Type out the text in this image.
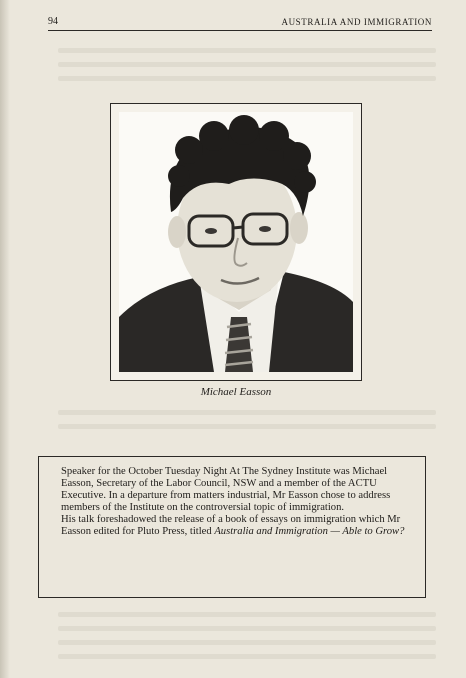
94	AUSTRALIA AND IMMIGRATION
Michael Easson

Speaker for the October Tuesday Night At The Sydney Institute was Michael Easson, Secretary of the Labor Council, NSW and a member of the ACTU Executive. In a departure from matters industrial, Mr Easson chose to address members of the Institute on the controversial topic of immigration.

His talk foreshadowed the release of a book of essays on immigration which Mr Easson edited for Pluto Press, titled Australia and Immigration — Able to Grow?
